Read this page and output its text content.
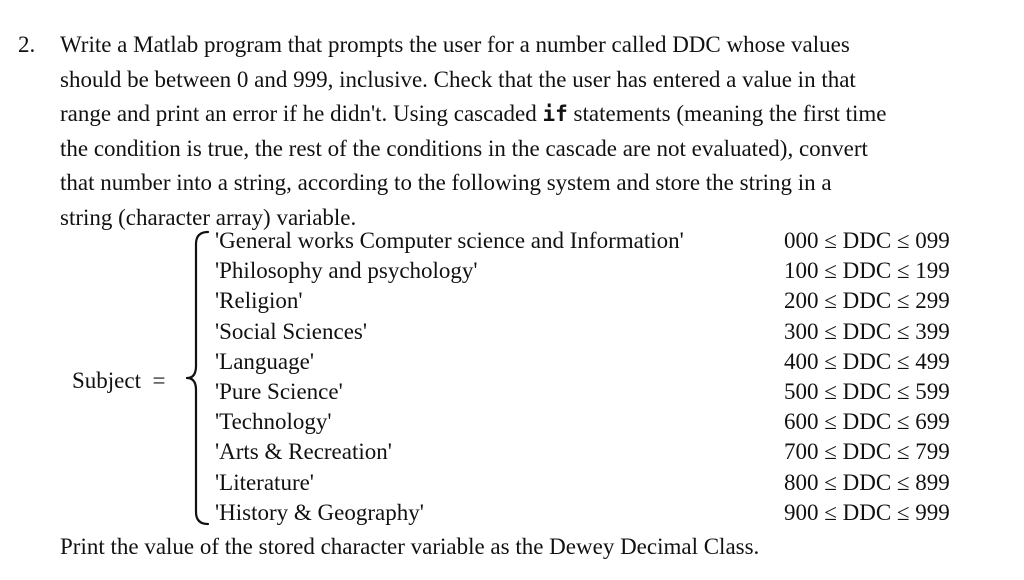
2. Write a Matlab program that prompts the user for a number called DDC whose values
should be between 0 and 999, inclusive. Check that the user has entered a value in that
range and print an error if he didn't. Using cascaded if statements (meaning the first time
the condition is true, the rest of the conditions in the cascade are not evaluated), convert
that number into a string, according to the following system and store the string in a
string (character array) variable.
Subject =
'General works Computer science and Information'	000 ≤ DDC ≤ 099
'Philosophy and psychology'	100 ≤ DDC ≤ 199
'Religion'	200 ≤ DDC ≤ 299
'Social Sciences'	300 ≤ DDC ≤ 399
'Language'	400 ≤ DDC ≤ 499
'Pure Science'	500 ≤ DDC ≤ 599
'Technology'	600 ≤ DDC ≤ 699
'Arts & Recreation'	700 ≤ DDC ≤ 799
'Literature'	800 ≤ DDC ≤ 899
'History & Geography'	900 ≤ DDC ≤ 999
Print the value of the stored character variable as the Dewey Decimal Class.
